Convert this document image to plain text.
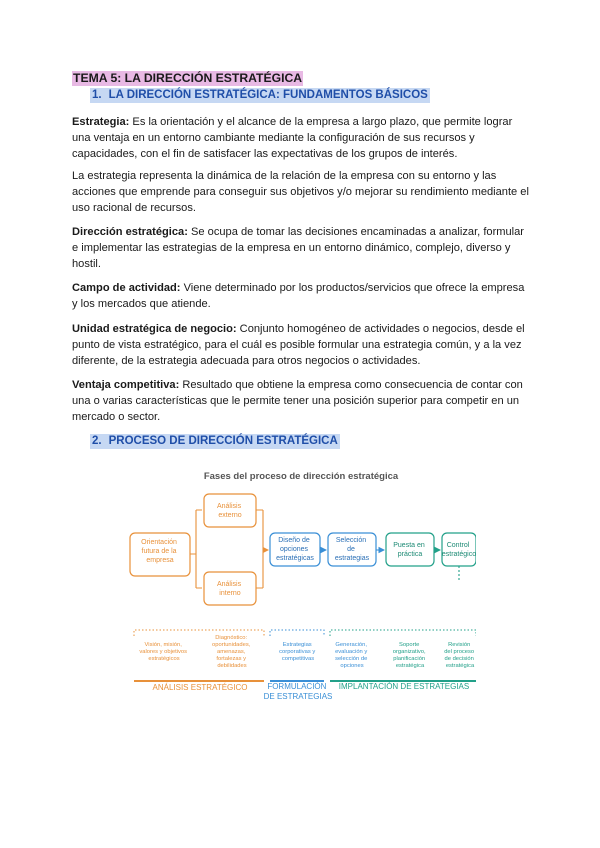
TEMA 5: LA DIRECCIÓN ESTRATÉGICA
1. LA DIRECCIÓN ESTRATÉGICA: FUNDAMENTOS BÁSICOS
Estrategia: Es la orientación y el alcance de la empresa a largo plazo, que permite lograr una ventaja en un entorno cambiante mediante la configuración de sus recursos y capacidades, con el fin de satisfacer las expectativas de los grupos de interés.
La estrategia representa la dinámica de la relación de la empresa con su entorno y las acciones que emprende para conseguir sus objetivos y/o mejorar su rendimiento mediante el uso racional de recursos.
Dirección estratégica: Se ocupa de tomar las decisiones encaminadas a analizar, formular e implementar las estrategias de la empresa en un entorno dinámico, complejo, diverso y hostil.
Campo de actividad: Viene determinado por los productos/servicios que ofrece la empresa y los mercados que atiende.
Unidad estratégica de negocio: Conjunto homogéneo de actividades o negocios, desde el punto de vista estratégico, para el cuál es posible formular una estrategia común, y a la vez diferente, de la estrategia adecuada para otros negocios o actividades.
Ventaja competitiva: Resultado que obtiene la empresa como consecuencia de contar con una o varias características que le permite tener una posición superior para competir en un mercado o sector.
2. PROCESO DE DIRECCIÓN ESTRATÉGICA
Fases del proceso de dirección estratégica
Orientación futura de la empresa
Análisis externo
Análisis interno
Diseño de opciones estratégicas
Selección de estrategias
Puesta en práctica
Control estratégico
Visión, misión, valores y objetivos estratégicos
Diagnóstico: oportunidades, amenazas, fortalezas y debilidades
Estrategias corporativas y competitivas
Generación, evaluación y selección de opciones
Soporte organizativo, planificación estratégica
Revisión del proceso de decisión estratégica
ANÁLISIS ESTRATÉGICO	FORMULACIÓN DE ESTRATEGIAS
IMPLANTACIÓN DE ESTRATEGIAS
